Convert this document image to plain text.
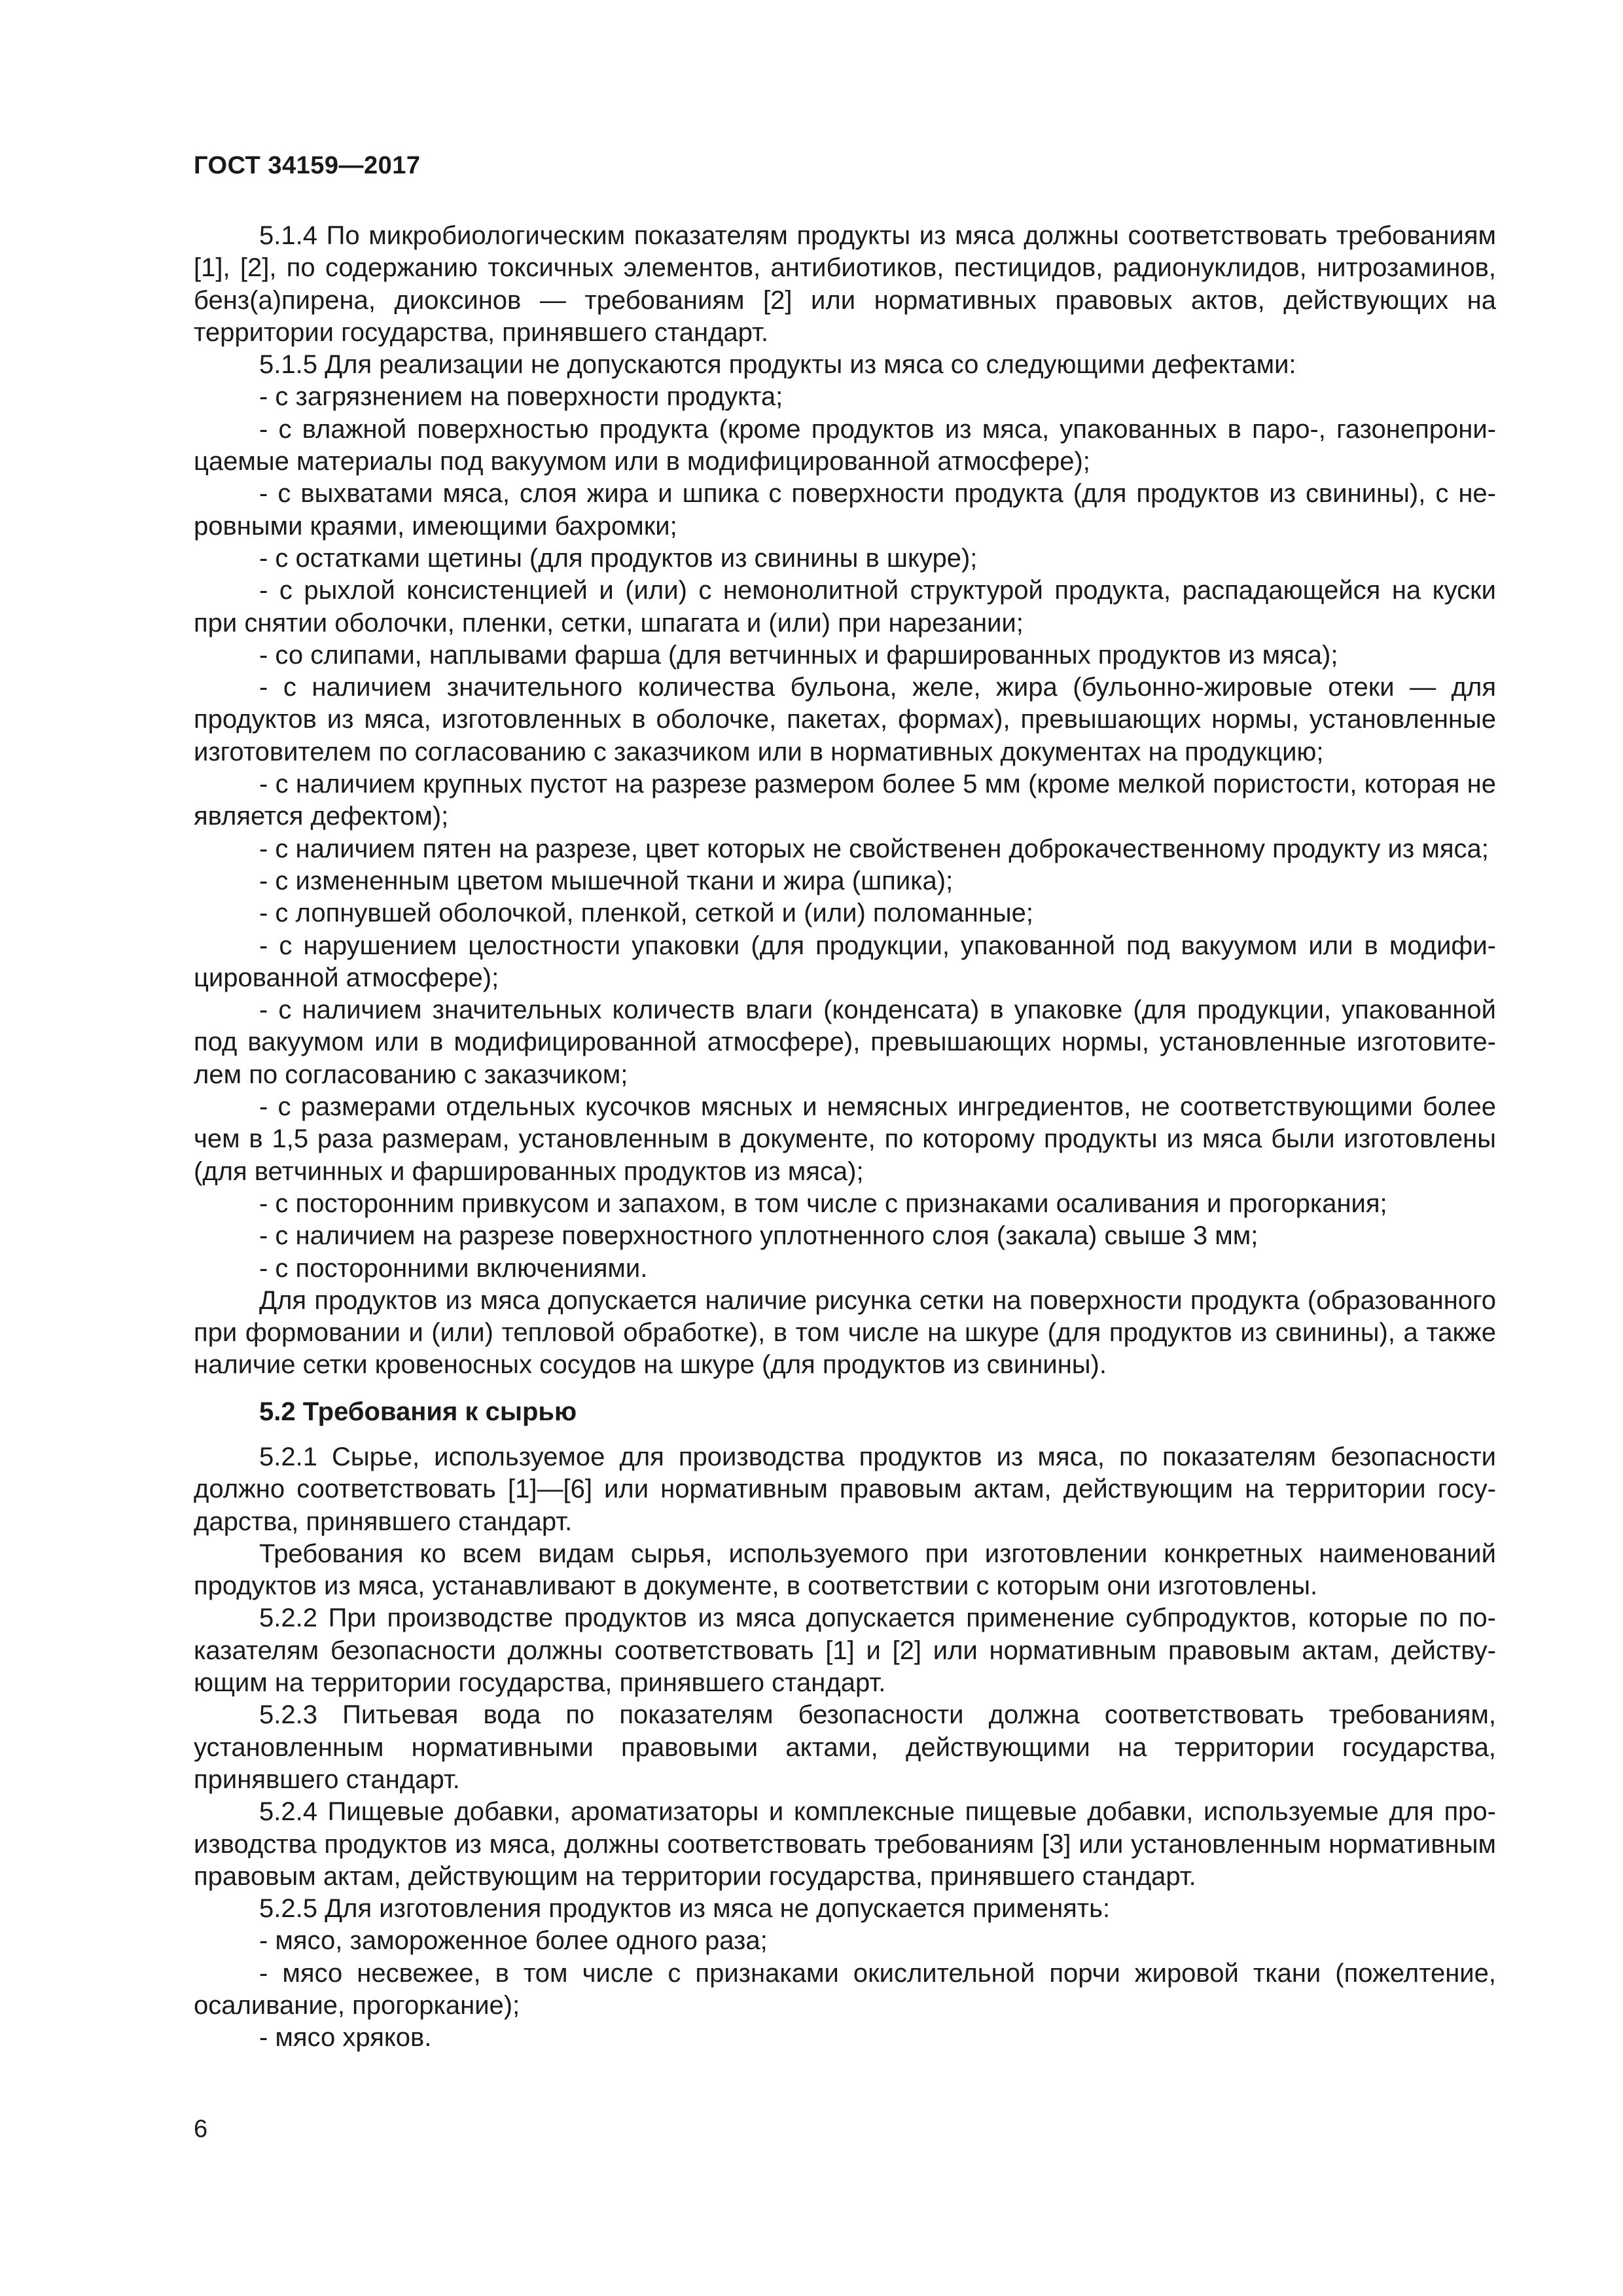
ГОСТ 34159—2017

5.1.4 По микробиологическим показателям продукты из мяса должны соответствовать требованиям [1], [2], по содержанию токсичных элементов, антибиотиков, пестицидов, радионуклидов, нитрозаминов, бенз(а)пирена, диоксинов — требованиям [2] или нормативных правовых актов, действующих на территории государства, принявшего стандарт.

5.1.5 Для реализации не допускаются продукты из мяса со следующими дефектами:

- с загрязнением на поверхности продукта;

- с влажной поверхностью продукта (кроме продуктов из мяса, упакованных в паро-, газонепроницаемые материалы под вакуумом или в модифицированной атмосфере);

- с выхватами мяса, слоя жира и шпика с поверхности продукта (для продуктов из свинины), с неровными краями, имеющими бахромки;

- с остатками щетины (для продуктов из свинины в шкуре);

- с рыхлой консистенцией и (или) с немонолитной структурой продукта, распадающейся на куски при снятии оболочки, пленки, сетки, шпагата и (или) при нарезании;

- со слипами, наплывами фарша (для ветчинных и фаршированных продуктов из мяса);

- с наличием значительного количества бульона, желе, жира (бульонно-жировые отеки — для продуктов из мяса, изготовленных в оболочке, пакетах, формах), превышающих нормы, установленные изготовителем по согласованию с заказчиком или в нормативных документах на продукцию;

- с наличием крупных пустот на разрезе размером более 5 мм (кроме мелкой пористости, которая не является дефектом);

- с наличием пятен на разрезе, цвет которых не свойственен доброкачественному продукту из мяса;

- с измененным цветом мышечной ткани и жира (шпика);

- с лопнувшей оболочкой, пленкой, сеткой и (или) поломанные;

- с нарушением целостности упаковки (для продукции, упакованной под вакуумом или в модифицированной атмосфере);

- с наличием значительных количеств влаги (конденсата) в упаковке (для продукции, упакованной под вакуумом или в модифицированной атмосфере), превышающих нормы, установленные изготовителем по согласованию с заказчиком;

- с размерами отдельных кусочков мясных и немясных ингредиентов, не соответствующими более чем в 1,5 раза размерам, установленным в документе, по которому продукты из мяса были изготовлены (для ветчинных и фаршированных продуктов из мяса);

- с посторонним привкусом и запахом, в том числе с признаками осаливания и прогоркания;

- с наличием на разрезе поверхностного уплотненного слоя (закала) свыше 3 мм;

- с посторонними включениями.

Для продуктов из мяса допускается наличие рисунка сетки на поверхности продукта (образованного при формовании и (или) тепловой обработке), в том числе на шкуре (для продуктов из свинины), а также наличие сетки кровеносных сосудов на шкуре (для продуктов из свинины).

5.2 Требования к сырью

5.2.1 Сырье, используемое для производства продуктов из мяса, по показателям безопасности должно соответствовать [1]—[6] или нормативным правовым актам, действующим на территории государства, принявшего стандарт.

Требования ко всем видам сырья, используемого при изготовлении конкретных наименований продуктов из мяса, устанавливают в документе, в соответствии с которым они изготовлены.

5.2.2 При производстве продуктов из мяса допускается применение субпродуктов, которые по показателям безопасности должны соответствовать [1] и [2] или нормативным правовым актам, действующим на территории государства, принявшего стандарт.

5.2.3 Питьевая вода по показателям безопасности должна соответствовать требованиям, установленным нормативными правовыми актами, действующими на территории государства, принявшего стандарт.

5.2.4 Пищевые добавки, ароматизаторы и комплексные пищевые добавки, используемые для производства продуктов из мяса, должны соответствовать требованиям [3] или установленным нормативным правовым актам, действующим на территории государства, принявшего стандарт.

5.2.5 Для изготовления продуктов из мяса не допускается применять:

- мясо, замороженное более одного раза;

- мясо несвежее, в том числе с признаками окислительной порчи жировой ткани (пожелтение, осаливание, прогоркание);

- мясо хряков.

6
